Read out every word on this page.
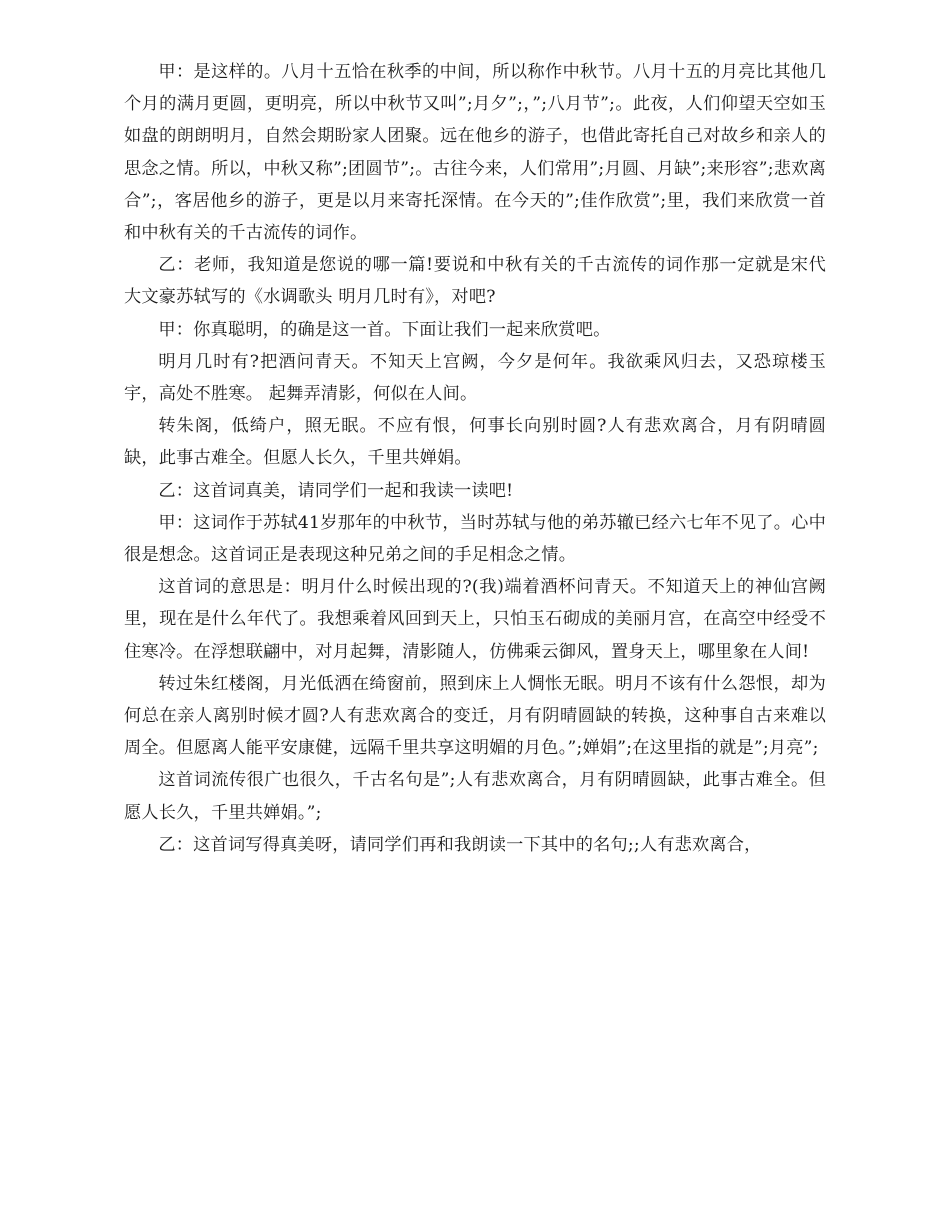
甲：是这样的。八月十五恰在秋季的中间，所以称作中秋节。八月十五的月亮比其他几个月的满月更圆，更明亮，所以中秋节又叫”;月夕”;，”;八月节”;。此夜，人们仰望天空如玉如盘的朗朗明月，自然会期盼家人团聚。远在他乡的游子，也借此寄托自己对故乡和亲人的思念之情。所以，中秋又称”;团圆节”;。古往今来，人们常用”;月圆、月缺”;来形容”;悲欢离合”;，客居他乡的游子，更是以月来寄托深情。在今天的”;佳作欣赏”;里，我们来欣赏一首和中秋有关的千古流传的词作。

乙：老师，我知道是您说的哪一篇!要说和中秋有关的千古流传的词作那一定就是宋代大文豪苏轼写的《水调歌头 明月几时有》，对吧?

甲：你真聪明，的确是这一首。下面让我们一起来欣赏吧。

明月几时有?把酒问青天。不知天上宫阙，今夕是何年。我欲乘风归去，又恐琼楼玉宇，高处不胜寒。 起舞弄清影，何似在人间。

转朱阁，低绮户，照无眠。不应有恨，何事长向别时圆?人有悲欢离合，月有阴晴圆缺，此事古难全。但愿人长久，千里共婵娟。

乙：这首词真美，请同学们一起和我读一读吧!

甲：这词作于苏轼41岁那年的中秋节，当时苏轼与他的弟苏辙已经六七年不见了。心中很是想念。这首词正是表现这种兄弟之间的手足相念之情。

这首词的意思是：明月什么时候出现的?(我)端着酒杯问青天。不知道天上的神仙宫阙里，现在是什么年代了。我想乘着风回到天上，只怕玉石砌成的美丽月宫，在高空中经受不住寒冷。在浮想联翩中，对月起舞，清影随人，仿佛乘云御风，置身天上，哪里象在人间!

转过朱红楼阁，月光低洒在绮窗前，照到床上人惆怅无眠。明月不该有什么怨恨，却为何总在亲人离别时候才圆?人有悲欢离合的变迁，月有阴晴圆缺的转换，这种事自古来难以周全。但愿离人能平安康健，远隔千里共享这明媚的月色。”;婵娟”;在这里指的就是”;月亮”;

这首词流传很广也很久，千古名句是”;人有悲欢离合，月有阴晴圆缺，此事古难全。但愿人长久，千里共婵娟。”;

乙：这首词写得真美呀，请同学们再和我朗读一下其中的名句;;人有悲欢离合，
